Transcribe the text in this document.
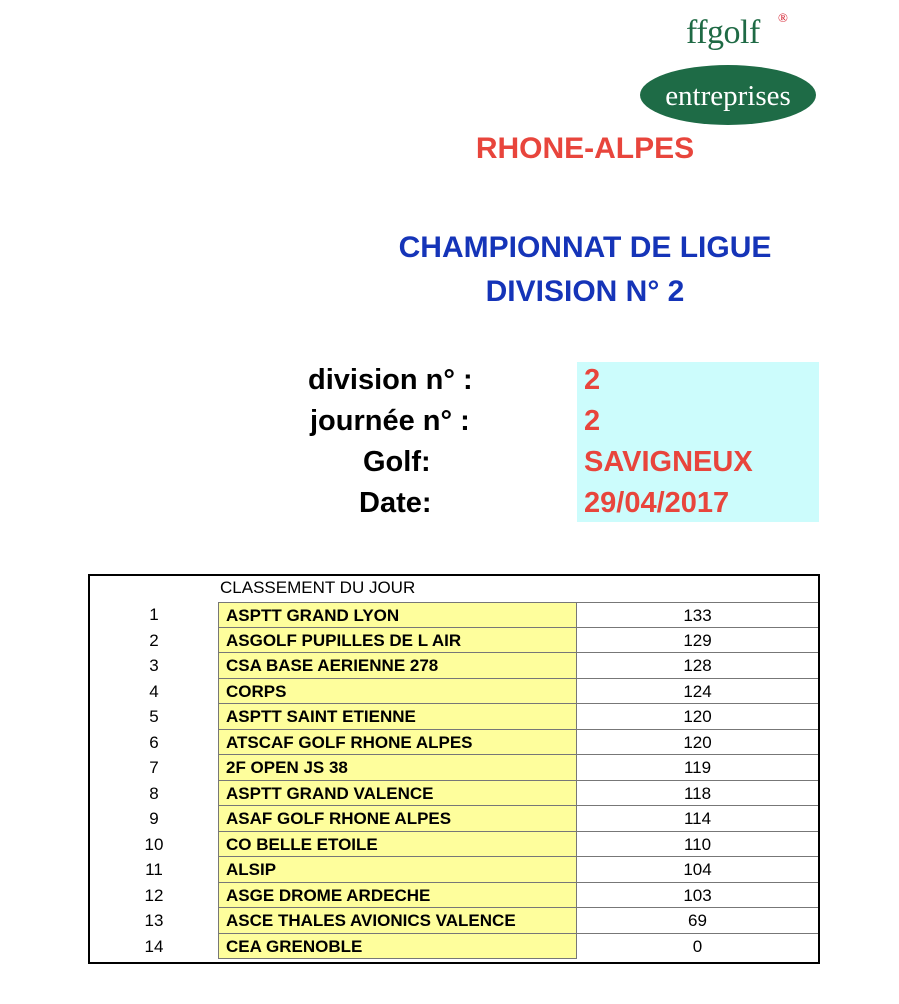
ffgolf ®
entreprises
RHONE-ALPES
CHAMPIONNAT DE LIGUE
DIVISION N° 2
division n° :	2
journée n° :	2
Golf:	SAVIGNEUX
Date:	29/04/2017
CLASSEMENT DU JOUR
1	ASPTT GRAND LYON	133
2	ASGOLF PUPILLES DE L AIR	129
3	CSA BASE AERIENNE 278	128
4	CORPS	124
5	ASPTT SAINT ETIENNE	120
6	ATSCAF GOLF RHONE ALPES	120
7	2F OPEN JS 38	119
8	ASPTT GRAND VALENCE	118
9	ASAF GOLF RHONE ALPES	114
10	CO BELLE ETOILE	110
11	ALSIP	104
12	ASGE DROME ARDECHE	103
13	ASCE THALES AVIONICS VALENCE	69
14	CEA GRENOBLE	0
